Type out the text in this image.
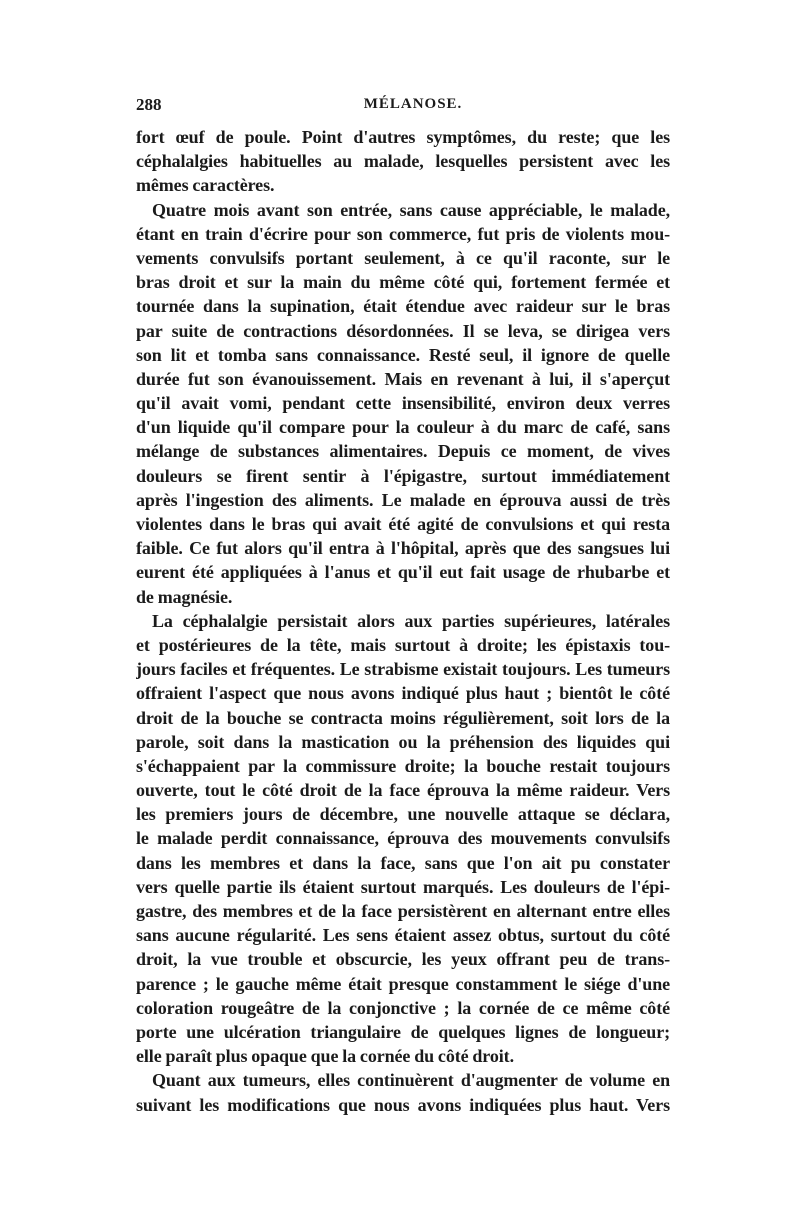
288	MÉLANOSE.
fort œuf de poule. Point d'autres symptômes, du reste; que les
céphalalgies habituelles au malade, lesquelles persistent avec les
mêmes caractères.
Quatre mois avant son entrée, sans cause appréciable, le malade,
étant en train d'écrire pour son commerce, fut pris de violents mou-
vements convulsifs portant seulement, à ce qu'il raconte, sur le
bras droit et sur la main du même côté qui, fortement fermée et
tournée dans la supination, était étendue avec raideur sur le bras
par suite de contractions désordonnées. Il se leva, se dirigea vers
son lit et tomba sans connaissance. Resté seul, il ignore de quelle
durée fut son évanouissement. Mais en revenant à lui, il s'aperçut
qu'il avait vomi, pendant cette insensibilité, environ deux verres
d'un liquide qu'il compare pour la couleur à du marc de café, sans
mélange de substances alimentaires. Depuis ce moment, de vives
douleurs se firent sentir à l'épigastre, surtout immédiatement
après l'ingestion des aliments. Le malade en éprouva aussi de très
violentes dans le bras qui avait été agité de convulsions et qui resta
faible. Ce fut alors qu'il entra à l'hôpital, après que des sangsues lui
eurent été appliquées à l'anus et qu'il eut fait usage de rhubarbe et
de magnésie.
La céphalalgie persistait alors aux parties supérieures, latérales
et postérieures de la tête, mais surtout à droite; les épistaxis tou-
jours faciles et fréquentes. Le strabisme existait toujours. Les tumeurs
offraient l'aspect que nous avons indiqué plus haut ; bientôt le côté
droit de la bouche se contracta moins régulièrement, soit lors de la
parole, soit dans la mastication ou la préhension des liquides qui
s'échappaient par la commissure droite; la bouche restait toujours
ouverte, tout le côté droit de la face éprouva la même raideur. Vers
les premiers jours de décembre, une nouvelle attaque se déclara,
le malade perdit connaissance, éprouva des mouvements convulsifs
dans les membres et dans la face, sans que l'on ait pu constater
vers quelle partie ils étaient surtout marqués. Les douleurs de l'épi-
gastre, des membres et de la face persistèrent en alternant entre elles
sans aucune régularité. Les sens étaient assez obtus, surtout du côté
droit, la vue trouble et obscurcie, les yeux offrant peu de trans-
parence ; le gauche même était presque constamment le siége d'une
coloration rougeâtre de la conjonctive ; la cornée de ce même côté
porte une ulcération triangulaire de quelques lignes de longueur;
elle paraît plus opaque que la cornée du côté droit.
Quant aux tumeurs, elles continuèrent d'augmenter de volume en
suivant les modifications que nous avons indiquées plus haut. Vers
